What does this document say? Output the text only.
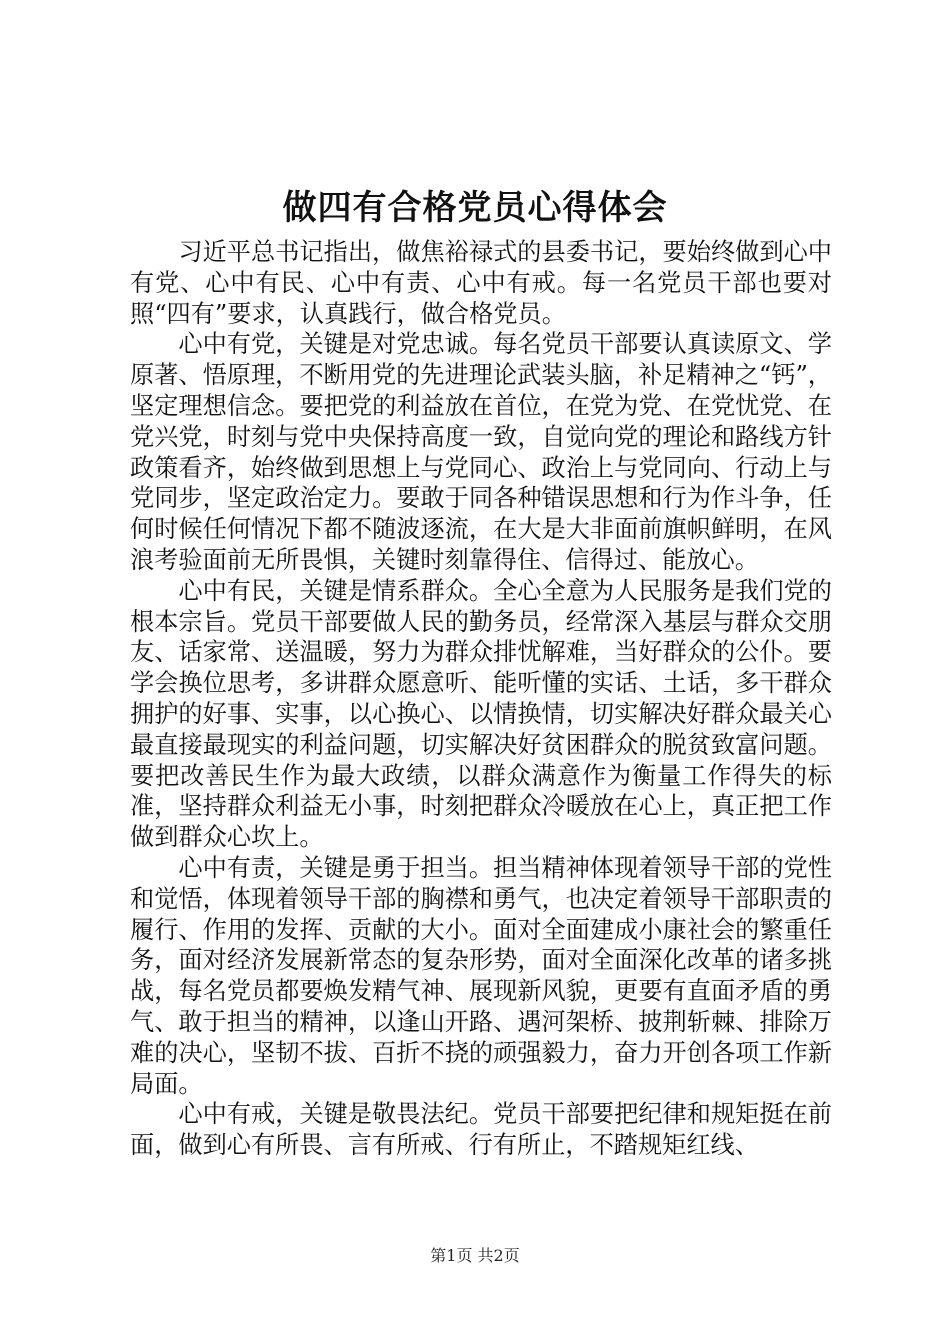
做四有合格党员心得体会

习近平总书记指出，做焦裕禄式的县委书记，要始终做到心中有党、心中有民、心中有责、心中有戒。每一名党员干部也要对照“四有”要求，认真践行，做合格党员。

心中有党，关键是对党忠诚。每名党员干部要认真读原文、学原著、悟原理，不断用党的先进理论武装头脑，补足精神之“钙”，坚定理想信念。要把党的利益放在首位，在党为党、在党忧党、在党兴党，时刻与党中央保持高度一致，自觉向党的理论和路线方针政策看齐，始终做到思想上与党同心、政治上与党同向、行动上与党同步，坚定政治定力。要敢于同各种错误思想和行为作斗争，任何时候任何情况下都不随波逐流，在大是大非面前旗帜鲜明，在风浪考验面前无所畏惧，关键时刻靠得住、信得过、能放心。

心中有民，关键是情系群众。全心全意为人民服务是我们党的根本宗旨。党员干部要做人民的勤务员，经常深入基层与群众交朋友、话家常、送温暖，努力为群众排忧解难，当好群众的公仆。要学会换位思考，多讲群众愿意听、能听懂的实话、土话，多干群众拥护的好事、实事，以心换心、以情换情，切实解决好群众最关心最直接最现实的利益问题，切实解决好贫困群众的脱贫致富问题。要把改善民生作为最大政绩，以群众满意作为衡量工作得失的标准，坚持群众利益无小事，时刻把群众冷暖放在心上，真正把工作做到群众心坎上。

心中有责，关键是勇于担当。担当精神体现着领导干部的党性和觉悟，体现着领导干部的胸襟和勇气，也决定着领导干部职责的履行、作用的发挥、贡献的大小。面对全面建成小康社会的繁重任务，面对经济发展新常态的复杂形势，面对全面深化改革的诸多挑战，每名党员都要焕发精气神、展现新风貌，更要有直面矛盾的勇气、敢于担当的精神，以逢山开路、遇河架桥、披荆斩棘、排除万难的决心，坚韧不拔、百折不挠的顽强毅力，奋力开创各项工作新局面。

心中有戒，关键是敬畏法纪。党员干部要把纪律和规矩挺在前面，做到心有所畏、言有所戒、行有所止，不踏规矩红线、

第1页 共2页
